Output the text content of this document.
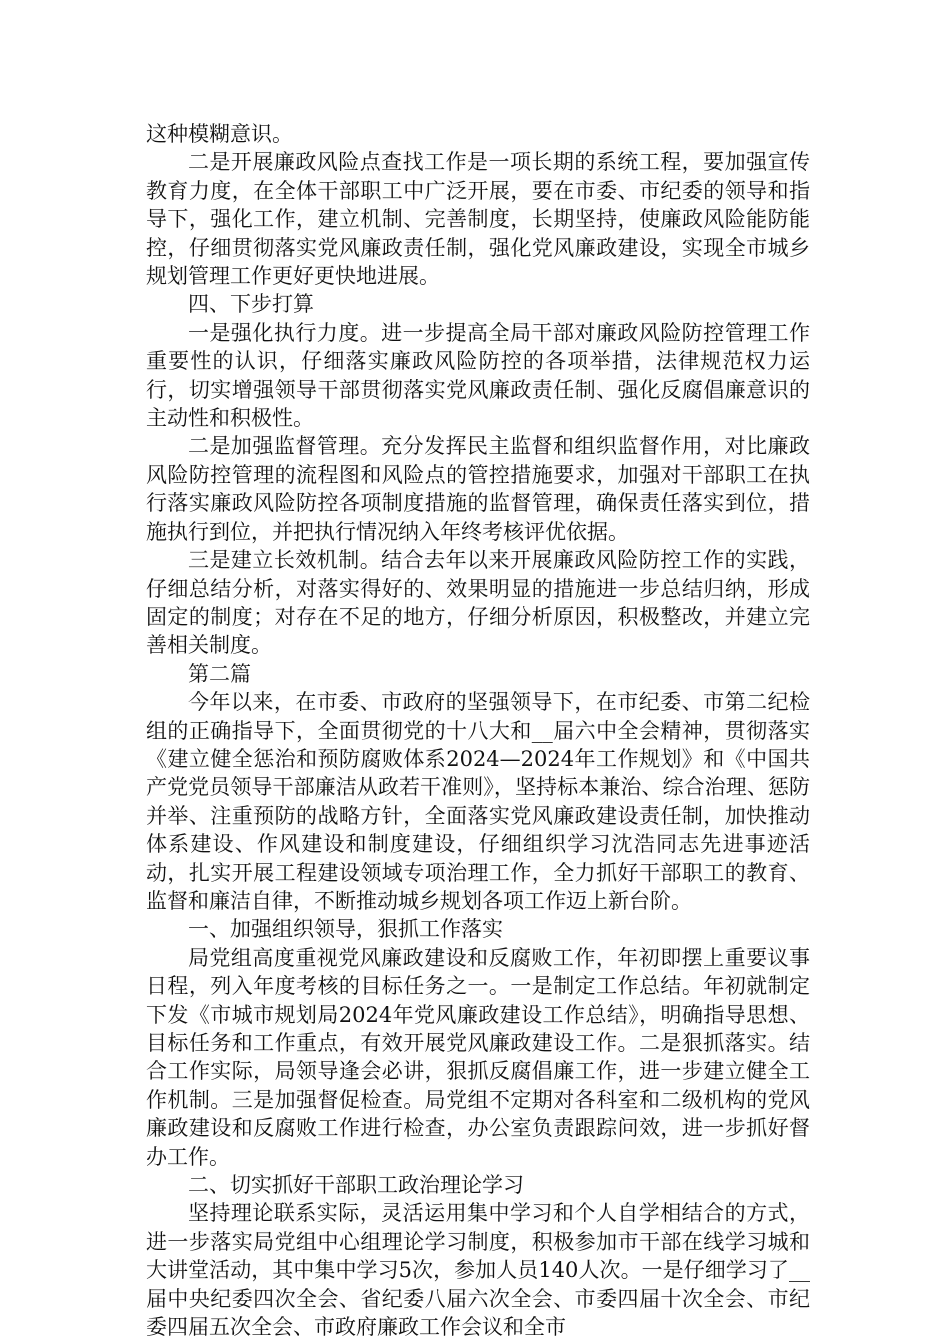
这种模糊意识。

二是开展廉政风险点查找工作是一项长期的系统工程，要加强宣传教育力度，在全体干部职工中广泛开展，要在市委、市纪委的领导和指导下，强化工作，建立机制、完善制度，长期坚持，使廉政风险能防能控，仔细贯彻落实党风廉政责任制，强化党风廉政建设，实现全市城乡规划管理工作更好更快地进展。

四、下步打算

一是强化执行力度。进一步提高全局干部对廉政风险防控管理工作重要性的认识，仔细落实廉政风险防控的各项举措，法律规范权力运行，切实增强领导干部贯彻落实党风廉政责任制、强化反腐倡廉意识的主动性和积极性。

二是加强监督管理。充分发挥民主监督和组织监督作用，对比廉政风险防控管理的流程图和风险点的管控措施要求，加强对干部职工在执行落实廉政风险防控各项制度措施的监督管理，确保责任落实到位，措施执行到位，并把执行情况纳入年终考核评优依据。

三是建立长效机制。结合去年以来开展廉政风险防控工作的实践，仔细总结分析，对落实得好的、效果明显的措施进一步总结归纳，形成固定的制度；对存在不足的地方，仔细分析原因，积极整改，并建立完善相关制度。

第二篇

今年以来，在市委、市政府的坚强领导下，在市纪委、市第二纪检组的正确指导下，全面贯彻党的十八大和__届六中全会精神，贯彻落实《建立健全惩治和预防腐败体系2024—2024年工作规划》和《中国共产党党员领导干部廉洁从政若干准则》，坚持标本兼治、综合治理、惩防并举、注重预防的战略方针，全面落实党风廉政建设责任制，加快推动体系建设、作风建设和制度建设，仔细组织学习沈浩同志先进事迹活动，扎实开展工程建设领域专项治理工作，全力抓好干部职工的教育、监督和廉洁自律，不断推动城乡规划各项工作迈上新台阶。

一、加强组织领导，狠抓工作落实

局党组高度重视党风廉政建设和反腐败工作，年初即摆上重要议事日程，列入年度考核的目标任务之一。一是制定工作总结。年初就制定下发《市城市规划局2024年党风廉政建设工作总结》，明确指导思想、目标任务和工作重点，有效开展党风廉政建设工作。二是狠抓落实。结合工作实际，局领导逢会必讲，狠抓反腐倡廉工作，进一步建立健全工作机制。三是加强督促检查。局党组不定期对各科室和二级机构的党风廉政建设和反腐败工作进行检查，办公室负责跟踪问效，进一步抓好督办工作。

二、切实抓好干部职工政治理论学习

坚持理论联系实际，灵活运用集中学习和个人自学相结合的方式，进一步落实局党组中心组理论学习制度，积极参加市干部在线学习城和大讲堂活动，其中集中学习5次，参加人员140人次。一是仔细学习了__届中央纪委四次全会、省纪委八届六次全会、市委四届十次全会、市纪委四届五次全会、市政府廉政工作会议和全市
